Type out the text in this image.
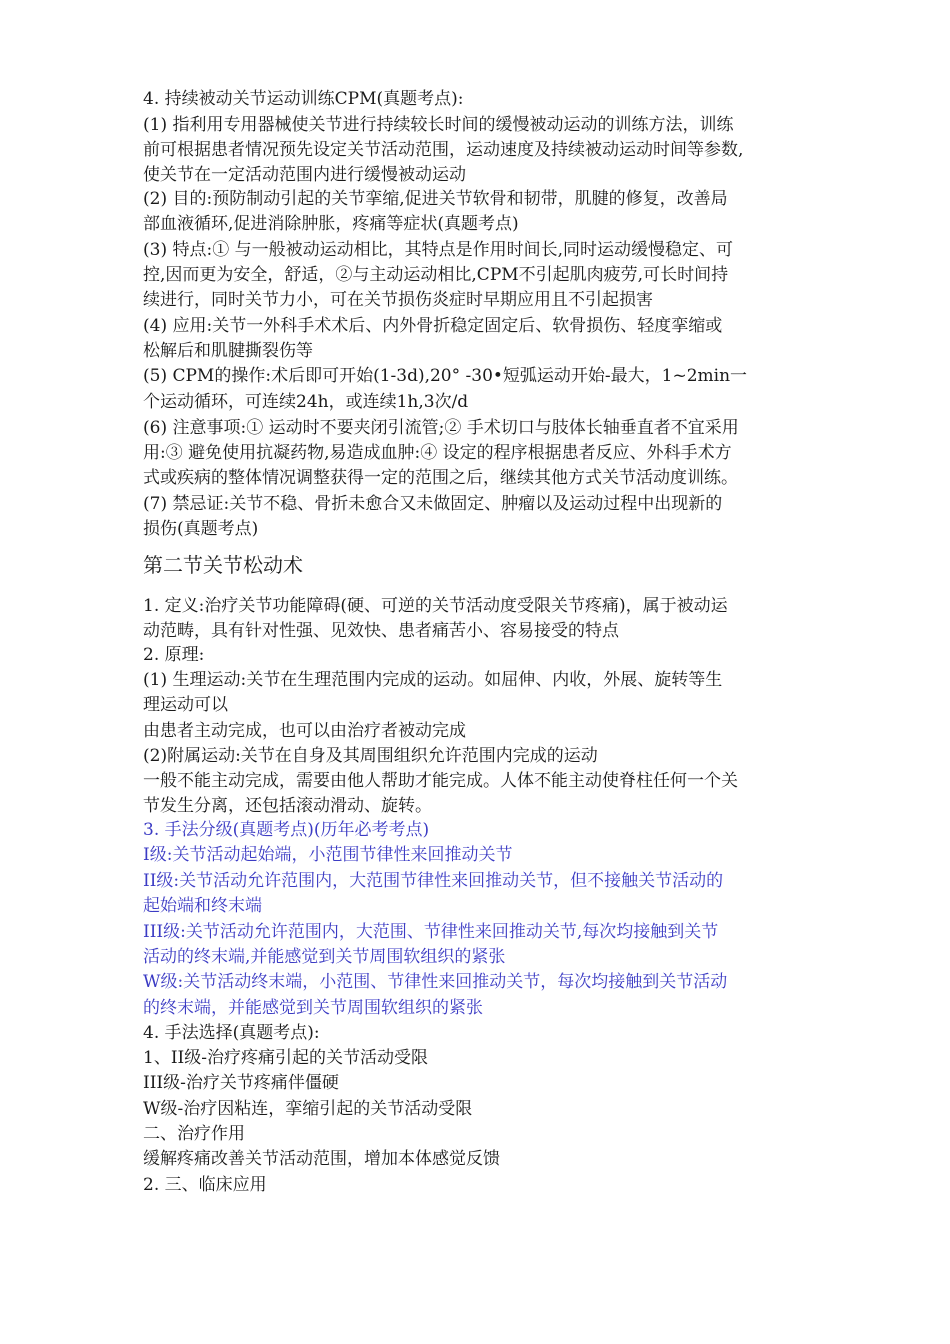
4. 持续被动关节运动训练CPM(真题考点):
(1) 指利用专用器械使关节进行持续较长时间的缓慢被动运动的训练方法，训练
前可根据患者情况预先设定关节活动范围，运动速度及持续被动运动时间等参数,
使关节在一定活动范围内进行缓慢被动运动
(2) 目的:预防制动引起的关节挛缩,促进关节软骨和韧带，肌腱的修复，改善局
部血液循环,促进消除肿胀，疼痛等症状(真题考点)
(3) 特点:① 与一般被动运动相比，其特点是作用时间长,同时运动缓慢稳定、可
控,因而更为安全，舒适，②与主动运动相比,CPM不引起肌肉疲劳,可长时间持
续进行，同时关节力小，可在关节损伤炎症时早期应用且不引起损害
(4) 应用:关节一外科手术术后、内外骨折稳定固定后、软骨损伤、轻度挛缩或
松解后和肌腱撕裂伤等
(5) CPM的操作:术后即可开始(1-3d),20° -30•短弧运动开始-最大，1~2min一
个运动循环，可连续24h，或连续1h,3次/d
(6) 注意事项:① 运动时不要夹闭引流管;② 手术切口与肢体长轴垂直者不宜采用
用:③ 避免使用抗凝药物,易造成血肿:④ 设定的程序根据患者反应、外科手术方
式或疾病的整体情况调整获得一定的范围之后，继续其他方式关节活动度训练。
(7) 禁忌证:关节不稳、骨折未愈合又未做固定、肿瘤以及运动过程中出现新的
损伤(真题考点)
第二节关节松动术
1. 定义:治疗关节功能障碍(硬、可逆的关节活动度受限关节疼痛)，属于被动运
动范畴，具有针对性强、见效快、患者痛苦小、容易接受的特点
2. 原理:
(1) 生理运动:关节在生理范围内完成的运动。如屈伸、内收，外展、旋转等生
理运动可以
由患者主动完成，也可以由治疗者被动完成
(2)附属运动:关节在自身及其周围组织允许范围内完成的运动
一般不能主动完成，需要由他人帮助才能完成。人体不能主动使脊柱任何一个关
节发生分离，还包括滚动滑动、旋转。
3. 手法分级(真题考点)(历年必考考点)
I级:关节活动起始端，小范围节律性来回推动关节
II级:关节活动允许范围内，大范围节律性来回推动关节，但不接触关节活动的
起始端和终末端
III级:关节活动允许范围内，大范围、节律性来回推动关节,每次均接触到关节
活动的终末端,并能感觉到关节周围软组织的紧张
W级:关节活动终末端，小范围、节律性来回推动关节，每次均接触到关节活动
的终末端，并能感觉到关节周围软组织的紧张
4. 手法选择(真题考点):
1、II级-治疗疼痛引起的关节活动受限
III级-治疗关节疼痛伴僵硬
W级-治疗因粘连，挛缩引起的关节活动受限
二、治疗作用
缓解疼痛改善关节活动范围，增加本体感觉反馈
2. 三、临床应用
